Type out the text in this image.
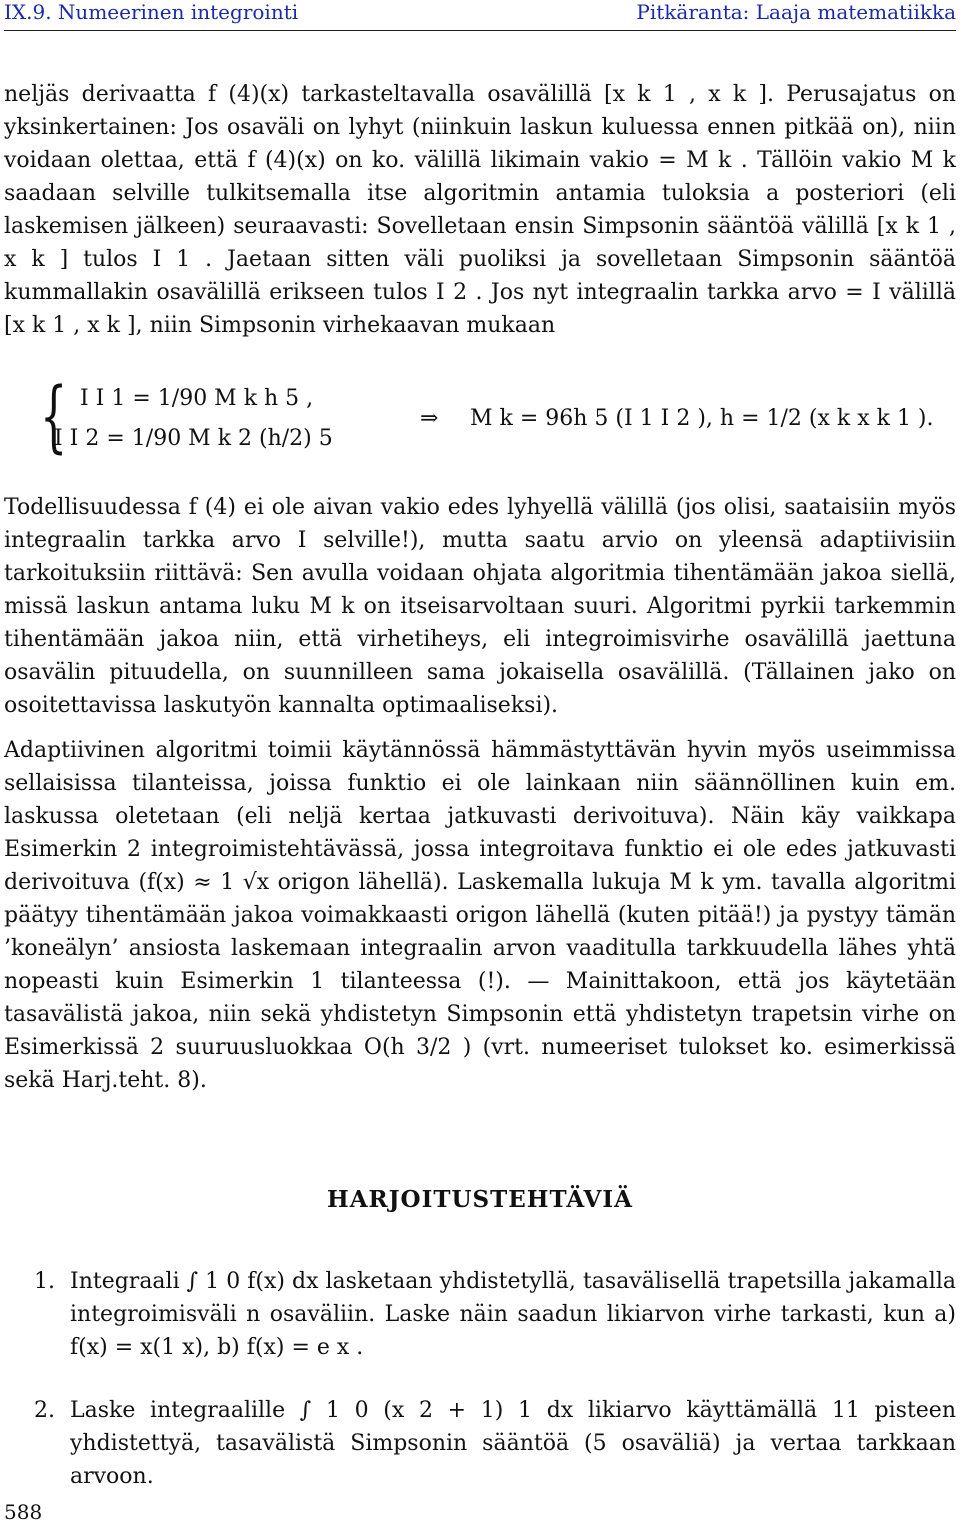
IX.9. Numeerinen integrointi	Pitkäranta: Laaja matematiikka
neljäs derivaatta f (4)(x) tarkasteltavalla osavälillä [x k 1 , x k ]. Perusajatus on yksinkertainen: Jos osaväli on lyhyt (niinkuin laskun kuluessa ennen pitkää on), niin voidaan olettaa, että f (4)(x) on ko. välillä likimain vakio = M k . Tällöin vakio M k saadaan selville tulkitsemalla itse algoritmin antamia tuloksia a posteriori (eli laskemisen jälkeen) seuraavasti: Sovelletaan ensin Simpsonin sääntöä välillä [x k 1 , x k ] tulos I 1 . Jaetaan sitten väli puoliksi ja sovelletaan Simpsonin sääntöä kummallakin osavälillä erikseen tulos I 2 . Jos nyt integraalin tarkka arvo = I välillä [x k 1 , x k ], niin Simpsonin virhekaavan mukaan
{ I I 1 = 1/90 M k h 5 ,
I I 2 = 1/90 M k 2 (h/2) 5
⇒ M k = 96h 5 (I 1 I 2 ), h = 1/2 (x k x k 1 ).
Todellisuudessa f (4) ei ole aivan vakio edes lyhyellä välillä (jos olisi, saataisiin myös integraalin tarkka arvo I selville!), mutta saatu arvio on yleensä adaptiivisiin tarkoituksiin riittävä: Sen avulla voidaan ohjata algoritmia tihentämään jakoa siellä, missä laskun antama luku M k on itseisarvoltaan suuri. Algoritmi pyrkii tarkemmin tihentämään jakoa niin, että virhetiheys, eli integroimisvirhe osavälillä jaettuna osavälin pituudella, on suunnilleen sama jokaisella osavälillä. (Tällainen jako on osoitettavissa laskutyön kannalta optimaaliseksi).
Adaptiivinen algoritmi toimii käytännössä hämmästyttävän hyvin myös useimmissa sellaisissa tilanteissa, joissa funktio ei ole lainkaan niin säännöllinen kuin em. laskussa oletetaan (eli neljä kertaa jatkuvasti derivoituva). Näin käy vaikkapa Esimerkin 2 integroimistehtävässä, jossa integroitava funktio ei ole edes jatkuvasti derivoituva (f(x) ≈ 1 √x origon lähellä). Laskemalla lukuja M k ym. tavalla algoritmi päätyy tihentämään jakoa voimakkaasti origon lähellä (kuten pitää!) ja pystyy tämän ’koneälyn’ ansiosta laskemaan integraalin arvon vaaditulla tarkkuudella lähes yhtä nopeasti kuin Esimerkin 1 tilanteessa (!). — Mainittakoon, että jos käytetään tasavälistä jakoa, niin sekä yhdistetyn Simpsonin että yhdistetyn trapetsin virhe on Esimerkissä 2 suuruusluokkaa O(h 3/2 ) (vrt. numeeriset tulokset ko. esimerkissä sekä Harj.teht. 8).
HARJOITUSTEHTÄVIÄ
1. Integraali ∫ 1 0 f(x) dx lasketaan yhdistetyllä, tasavälisellä trapetsilla jakamalla integroimisväli n osaväliin. Laske näin saadun likiarvon virhe tarkasti, kun a) f(x) = x(1 x), b) f(x) = e x .
2. Laske integraalille ∫ 1 0 (x 2 + 1) 1 dx likiarvo käyttämällä 11 pisteen yhdistettyä, tasavälistä Simpsonin sääntöä (5 osaväliä) ja vertaa tarkkaan arvoon.
588
